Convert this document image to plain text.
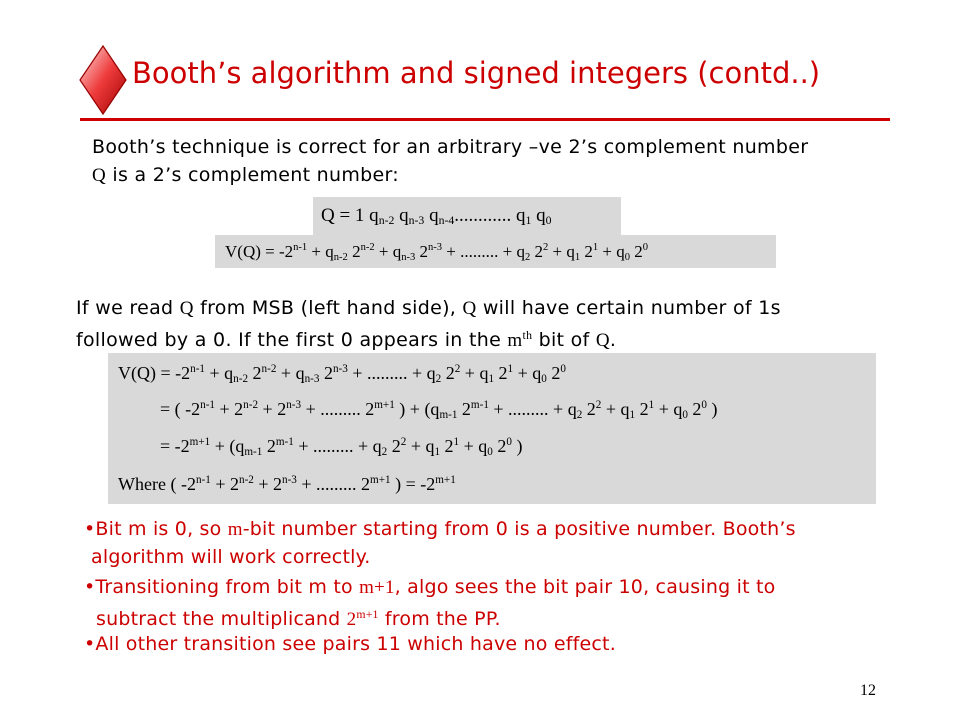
Booth’s algorithm and signed integers (contd..)
Booth’s technique is correct for an arbitrary –ve 2’s complement number
Q is a 2’s complement number:
Q = 1 $q_{n-2}$ $q_{n-3}$ $q_{n-4}$............ $q_1$ $q_0$
$V(Q) = -2^{n-1} + q_{n-2}$ $2^{n-2} + q_{n-3}$ $2^{n-3}$ + ......... + $q_2$ $2^2 + q_1$ $2^1 + q_0$ $2^0$
If we read Q from MSB (left hand side), Q will have certain number of 1s
followed by a 0. If the first 0 appears in the $m^{th}$ bit of Q.
$V(Q) = -2^{n-1} + q_{n-2}$ $2^{n-2} + q_{n-3}$ $2^{n-3}$ + ......... + $q_2$ $2^2 + q_1$ $2^1 + q_0$ $2^0$
= ( $-2^{n-1} + 2^{n-2} + 2^{n-3}$ + ......... $2^{m+1}$ ) + ($q_{m-1}$ $2^{m-1}$ + ......... + $q_2$ $2^2 + q_1$ $2^1 + q_0$ $2^0$ )
= $-2^{m+1} + (q_{m-1}$ $2^{m-1}$ + ......... + $q_2$ $2^2 + q_1$ $2^1 + q_0$ $2^0$ )
Where ( $-2^{n-1} + 2^{n-2} + 2^{n-3}$ + ......... $2^{m+1}$ ) = $-2^{m+1}$
•Bit m is 0, so m-bit number starting from 0 is a positive number. Booth’s
algorithm will work correctly.
•Transitioning from bit m to m+1, algo sees the bit pair 10, causing it to
subtract the multiplicand $2^{m+1}$ from the PP.
•All other transition see pairs 11 which have no effect.
12
